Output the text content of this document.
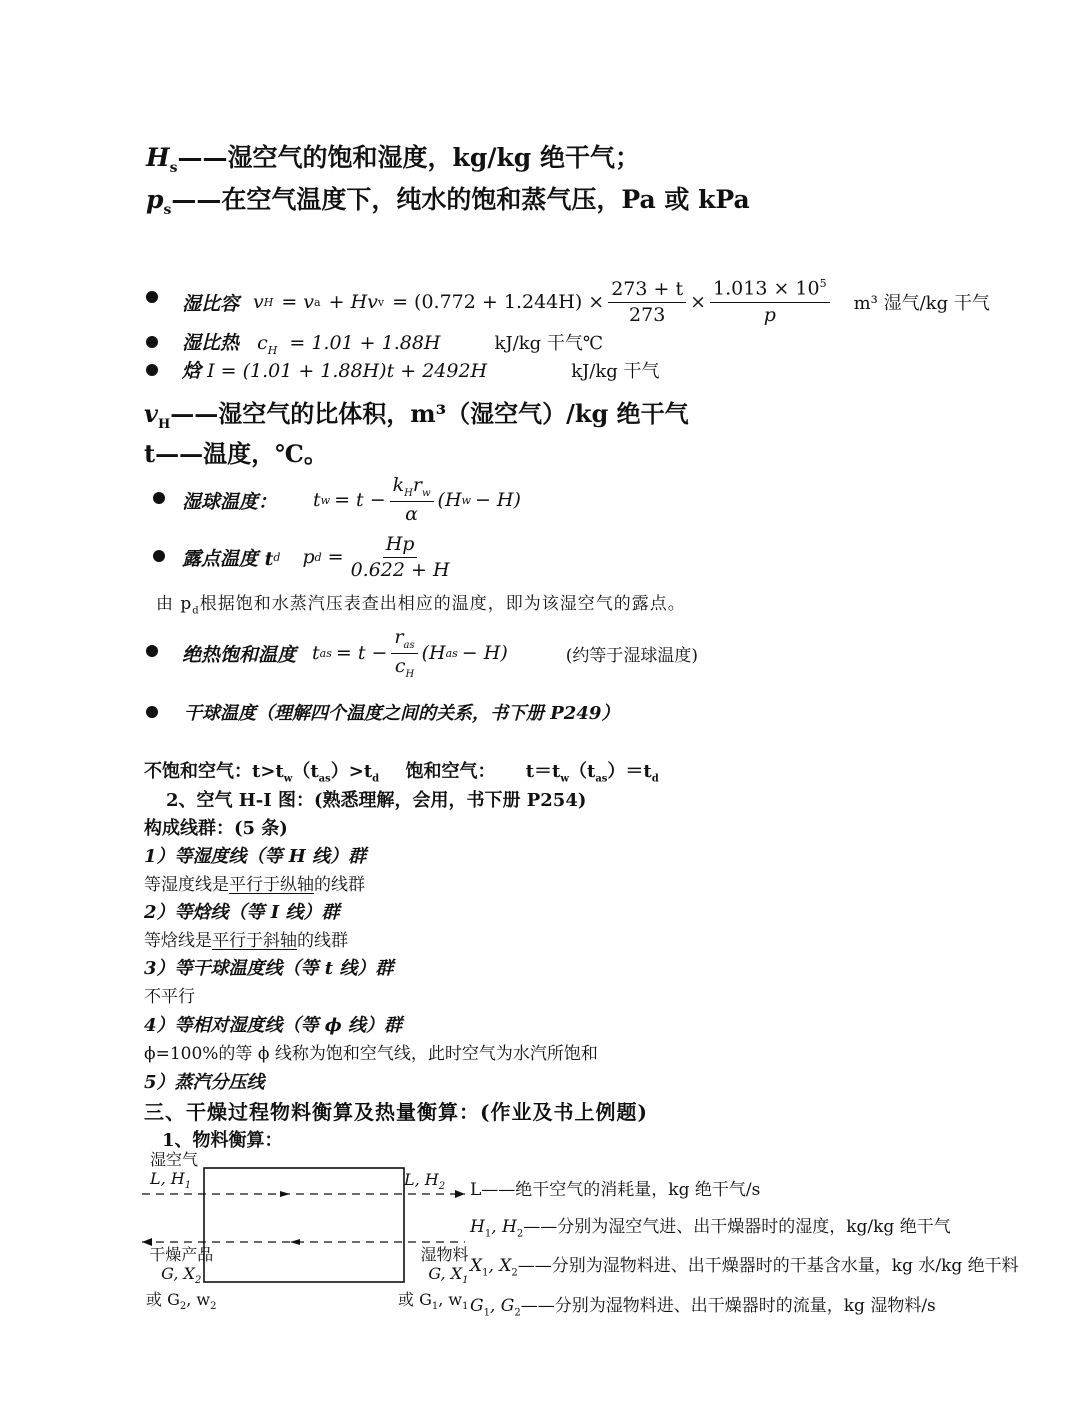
$H_s——$湿空气的饱和湿度，kg/kg 绝干气；
$p_s——$在空气温度下，纯水的饱和蒸气压，Pa 或 kPa
湿比容 v H = v a + Hv $v = (0.772 + 1.244H) \times \frac{273 + t}{273} \times \frac{1.013 \times 10^5}{p} m^3$ 湿气/kg 干气
湿比热 $c_H = 1.01 + 1.88H$	kJ/kg 干气℃
焓 I = (1.01 + 1.88H)t + 2492H	kJ/kg 干气
$v_H——$湿空气的比体积，m³（湿空气）/kg 绝干气
t——温度，℃。
湿球温度： t $w = t - \frac{k_Hr_w}{\alpha} (H$ w − H)
露点温度 t d p $d = \frac{Hp}{0.622 + H}$
由 $p_d$根据饱和水蒸汽压表查出相应的温度，即为该湿空气的露点。
绝热饱和温度 t as = $t - \frac{r_{as}}{c_H} (H$ as − H)	(约等于湿球温度)
干球温度（理解四个温度之间的关系，书下册 P249）
不饱和空气：$t>t_w(t_{as})>t_d$ 饱和空气： $t=t_w(t_{as})=t_d$
2、空气 H-I 图：(熟悉理解，会用，书下册 P254)
构成线群：(5 条)
1）等湿度线（等 H 线）群
等湿度线是平行于纵轴的线群
2）等焓线（等 I 线）群
等焓线是平行于斜轴的线群
3）等干球温度线（等 t 线）群
不平行
4）等相对湿度线（等 ϕ 线）群
ϕ=100%的等 ϕ 线称为饱和空气线，此时空气为水汽所饱和
5）蒸汽分压线
三、干燥过程物料衡算及热量衡算：(作业及书上例题)
1、物料衡算：
湿空气
L, $H_1$	L, $H_2$
干燥产品
G, $X_2$
或 $G_2$, $w_2$
湿物料
G, $X_1$
或 $G_1$, $w_1$
L——绝干空气的消耗量，kg 绝干气/s
$H_1$, $H_2——$分别为湿空气进、出干燥器时的湿度，kg/kg 绝干气
$X_1$, $X_2——$分别为湿物料进、出干燥器时的干基含水量，kg 水/kg 绝干料
$G_1$, $G_2——$分别为湿物料进、出干燥器时的流量，kg 湿物料/s
